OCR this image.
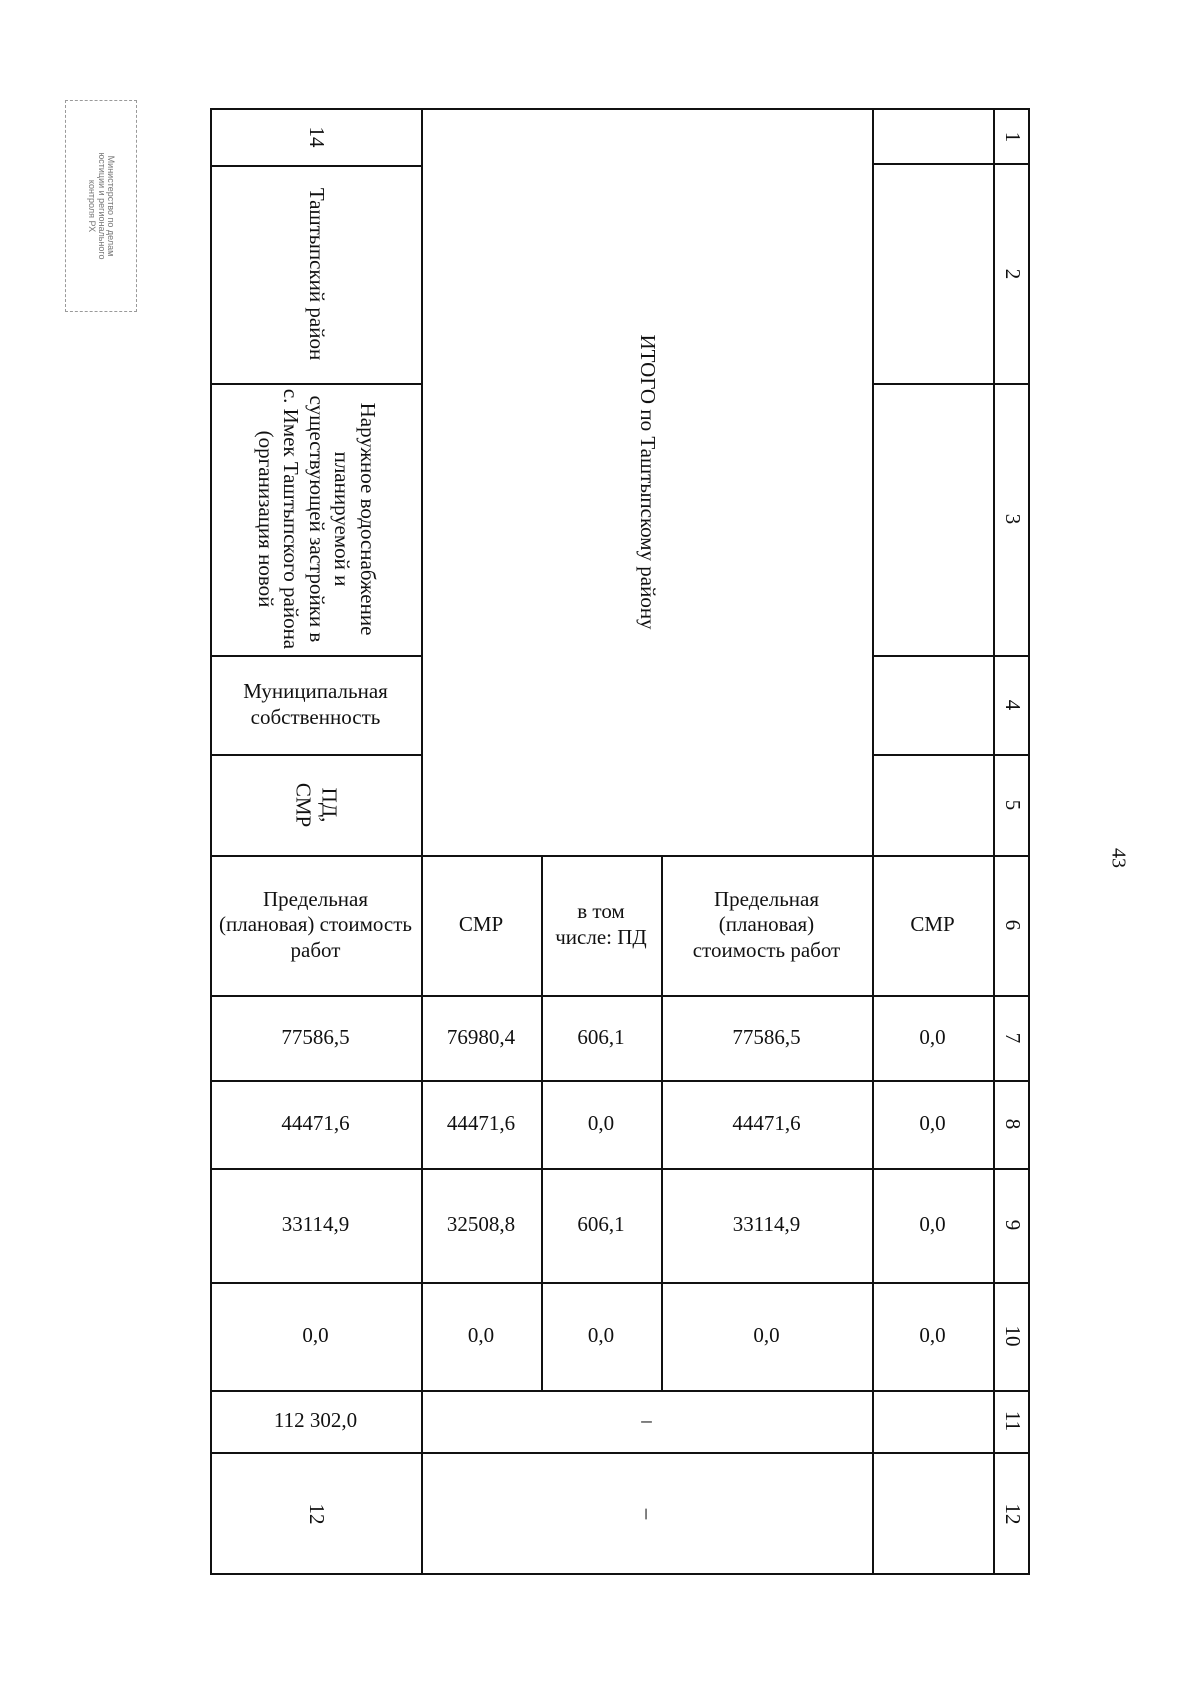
43
Министерство по делам
юстиции и регионального
контроля РХ
1
2
3
4
5
6
7
8
9
10
11
12
14
Таштыпский район
Наружное водоснабжение планируемой и существующей застройки в с. Имек Таштыпского района (организация новой
Муниципальная собственность
ПД, СМР
Предельная (плановая) стоимость работ
77586,5
44471,6
33114,9
0,0
112 302,0
12
СМР
76980,4
44471,6
32508,8
0,0
в том числе: ПД
606,1
0,0
606,1
0,0
ИТОГО по Таштыпскому району
Предельная (плановая) стоимость работ
77586,5
44471,6
33114,9
0,0
–
–
СМР
0,0
0,0
0,0
0,0
